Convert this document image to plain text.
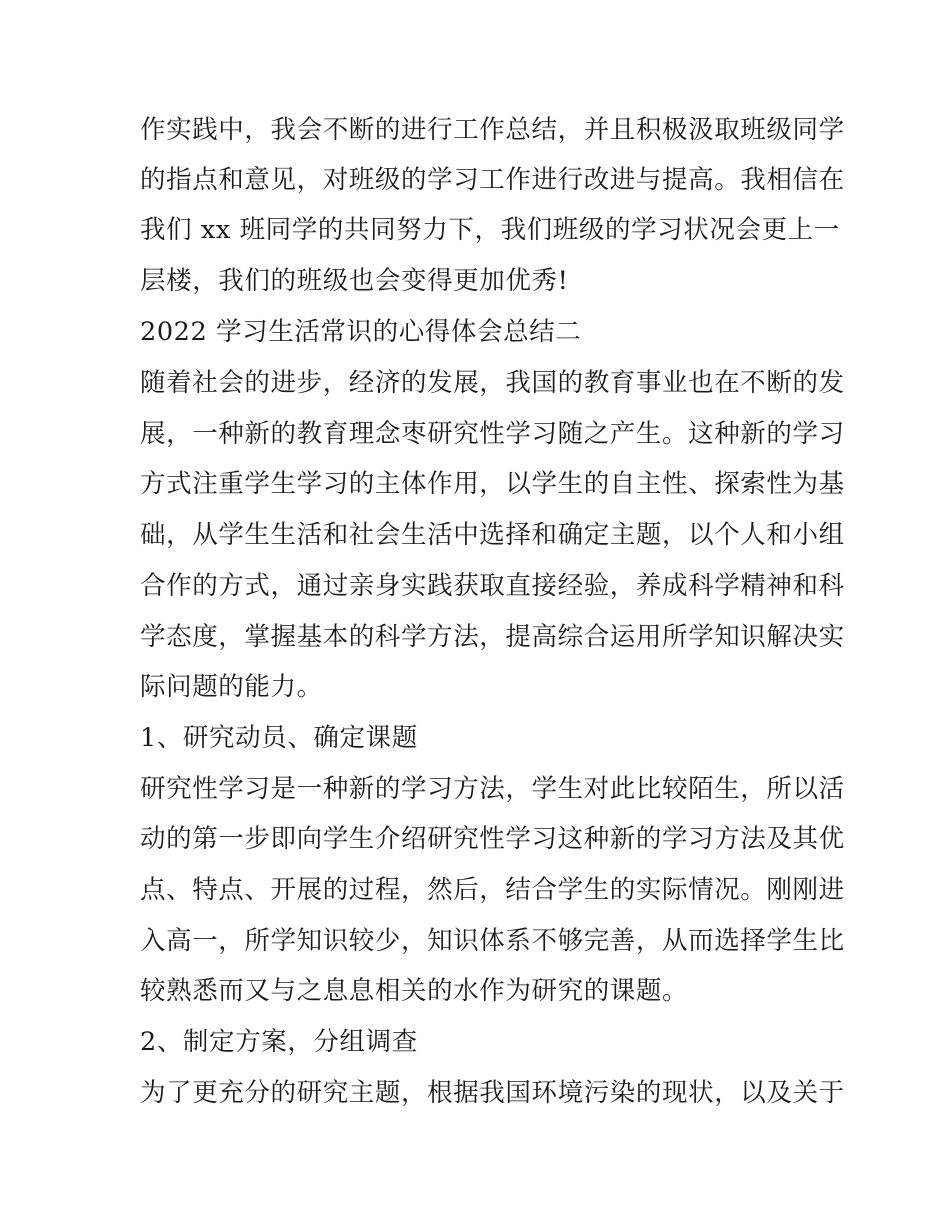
作实践中，我会不断的进行工作总结，并且积极汲取班级同学
的指点和意见，对班级的学习工作进行改进与提高。我相信在
我们 xx 班同学的共同努力下，我们班级的学习状况会更上一
层楼，我们的班级也会变得更加优秀!
2022 学习生活常识的心得体会总结二
随着社会的进步，经济的发展，我国的教育事业也在不断的发
展，一种新的教育理念枣研究性学习随之产生。这种新的学习
方式注重学生学习的主体作用，以学生的自主性、探索性为基
础，从学生生活和社会生活中选择和确定主题，以个人和小组
合作的方式，通过亲身实践获取直接经验，养成科学精神和科
学态度，掌握基本的科学方法，提高综合运用所学知识解决实
际问题的能力。
1、研究动员、确定课题
研究性学习是一种新的学习方法，学生对此比较陌生，所以活
动的第一步即向学生介绍研究性学习这种新的学习方法及其优
点、特点、开展的过程，然后，结合学生的实际情况。刚刚进
入高一，所学知识较少，知识体系不够完善，从而选择学生比
较熟悉而又与之息息相关的水作为研究的课题。
2、制定方案，分组调查
为了更充分的研究主题，根据我国环境污染的现状，以及关于
